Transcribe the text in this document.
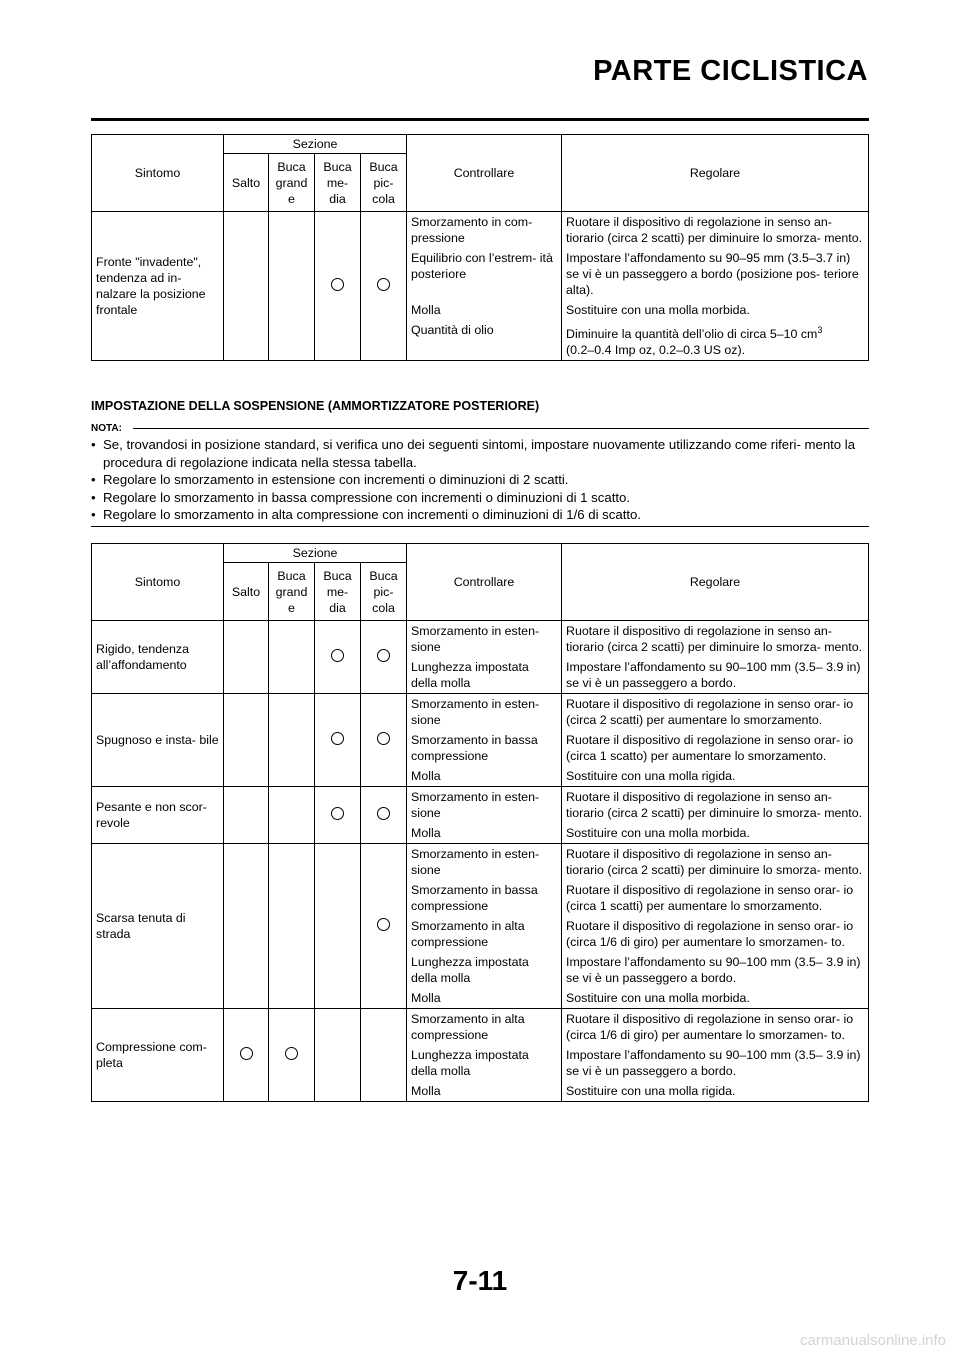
PARTE CICLISTICA
Sintomo	Sezione				Controllare	Regolare
	Salto	Buca grand e	Buca me- dia	Buca pic- cola		
Fronte "invadente", tendenza ad in- nalzare la posizione frontale					Smorzamento in com- pressione	Ruotare il dispositivo di regolazione in senso an- tiorario (circa 2 scatti) per diminuire lo smorza- mento.
					Equilibrio con l’estrem- ità posteriore	Impostare l’affondamento su 90–95 mm (3.5–3.7 in) se vi è un passeggero a bordo (posizione pos- teriore alta).
					Molla	Sostituire con una molla morbida.
					Quantità di olio	Diminuire la quantità dell’olio di circa 5–10 $cm^3$
(0.2–0.4 Imp oz, 0.2–0.3 US oz).
IMPOSTAZIONE DELLA SOSPENSIONE (AMMORTIZZATORE POSTERIORE)
NOTA:
• Se, trovandosi in posizione standard, si verifica uno dei seguenti sintomi, impostare nuovamente utilizzando come riferi- mento la procedura di regolazione indicata nella stessa tabella.
• Regolare lo smorzamento in estensione con incrementi o diminuzioni di 2 scatti.
• Regolare lo smorzamento in bassa compressione con incrementi o diminuzioni di 1 scatto.
• Regolare lo smorzamento in alta compressione con incrementi o diminuzioni di 1/6 di scatto.
Sintomo	Sezione				Controllare	Regolare
	Salto	Buca grand e	Buca me- dia	Buca pic- cola		
Rigido, tendenza all’affondamento					Smorzamento in esten- sione	Ruotare il dispositivo di regolazione in senso an- tiorario (circa 2 scatti) per diminuire lo smorza- mento.
					Lunghezza impostata della molla	Impostare l’affondamento su 90–100 mm (3.5– 3.9 in) se vi è un passeggero a bordo.
Spugnoso e insta- bile					Smorzamento in esten- sione	Ruotare il dispositivo di regolazione in senso orar- io (circa 2 scatti) per aumentare lo smorzamento.
					Smorzamento in bassa compressione	Ruotare il dispositivo di regolazione in senso orar- io (circa 1 scatto) per aumentare lo smorzamento.
					Molla	Sostituire con una molla rigida.
Pesante e non scor- revole					Smorzamento in esten- sione	Ruotare il dispositivo di regolazione in senso an- tiorario (circa 2 scatti) per diminuire lo smorza- mento.
					Molla	Sostituire con una molla morbida.
Scarsa tenuta di strada					Smorzamento in esten- sione	Ruotare il dispositivo di regolazione in senso an- tiorario (circa 2 scatti) per diminuire lo smorza- mento.
					Smorzamento in bassa compressione	Ruotare il dispositivo di regolazione in senso orar- io (circa 1 scatti) per aumentare lo smorzamento.
					Smorzamento in alta compressione	Ruotare il dispositivo di regolazione in senso orar- io (circa 1/6 di giro) per aumentare lo smorzamen- to.
					Lunghezza impostata della molla	Impostare l’affondamento su 90–100 mm (3.5– 3.9 in) se vi è un passeggero a bordo.
					Molla	Sostituire con una molla morbida.
Compressione com- pleta					Smorzamento in alta compressione	Ruotare il dispositivo di regolazione in senso orar- io (circa 1/6 di giro) per aumentare lo smorzamen- to.
					Lunghezza impostata della molla	Impostare l’affondamento su 90–100 mm (3.5– 3.9 in) se vi è un passeggero a bordo.
					Molla	Sostituire con una molla rigida.
7-11
carmanualsonline.info
